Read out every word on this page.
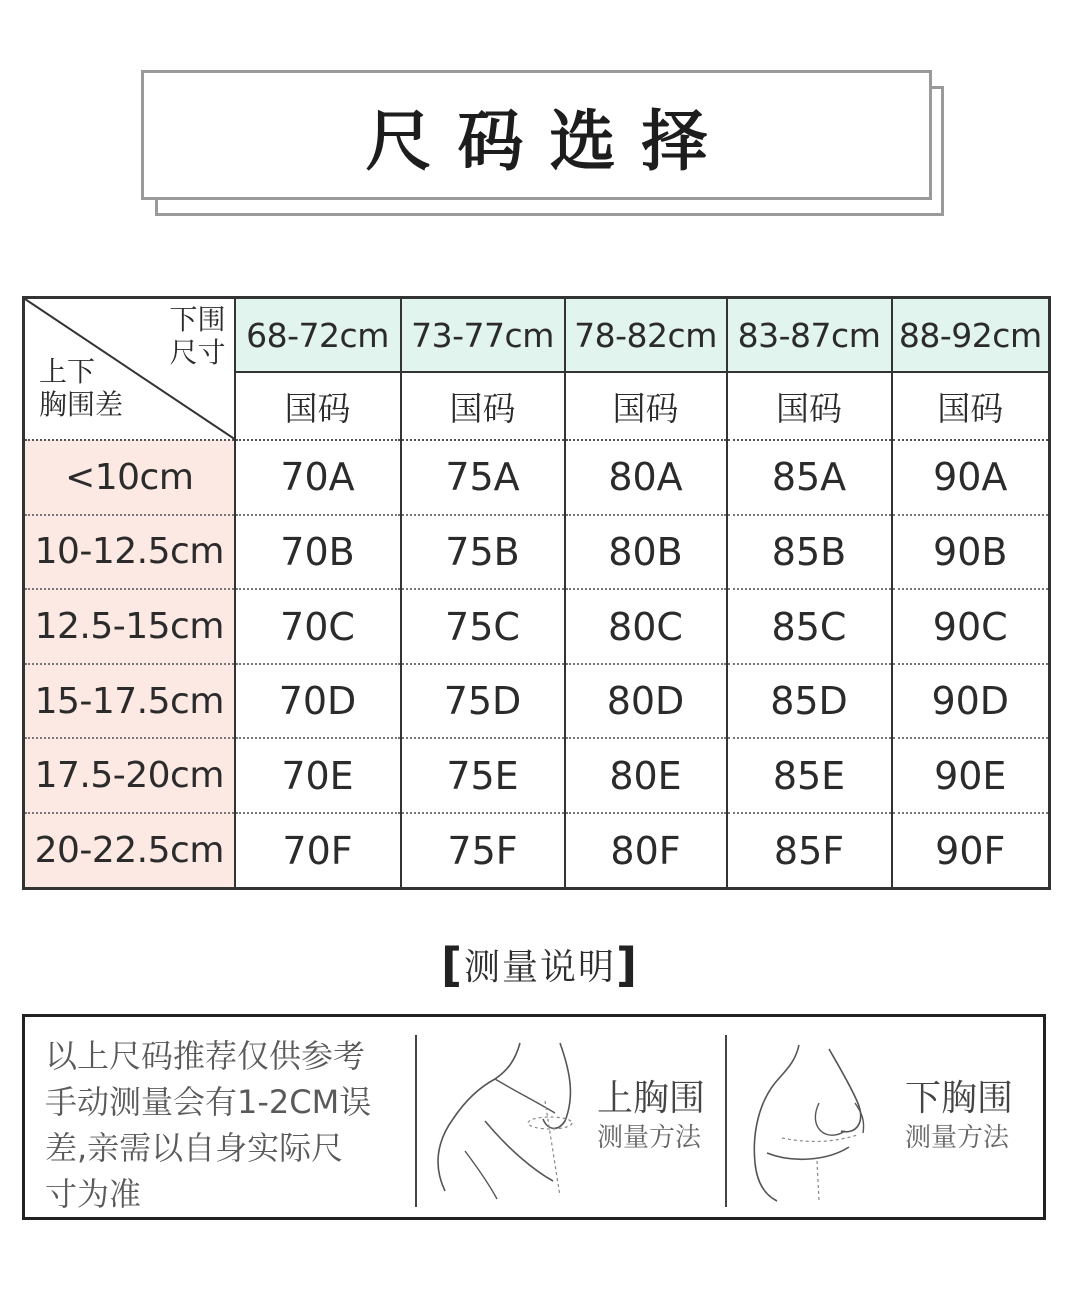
尺码选择
下围
尺寸
上下
胸围差	68-72cm	73-77cm	78-82cm	83-87cm	88-92cm
	国码	国码	国码	国码	国码
<10cm	70A	75A	80A	85A	90A
10-12.5cm	70B	75B	80B	85B	90B
12.5-15cm	70C	75C	80C	85C	90C
15-17.5cm	70D	75D	80D	85D	90D
17.5-20cm	70E	75E	80E	85E	90E
20-22.5cm	70F	75F	80F	85F	90F
[测量说明]
以上尺码推荐仅供参考
手动测量会有1-2CM误
差,亲需以自身实际尺
寸为准
上胸围
测量方法
下胸围
测量方法
